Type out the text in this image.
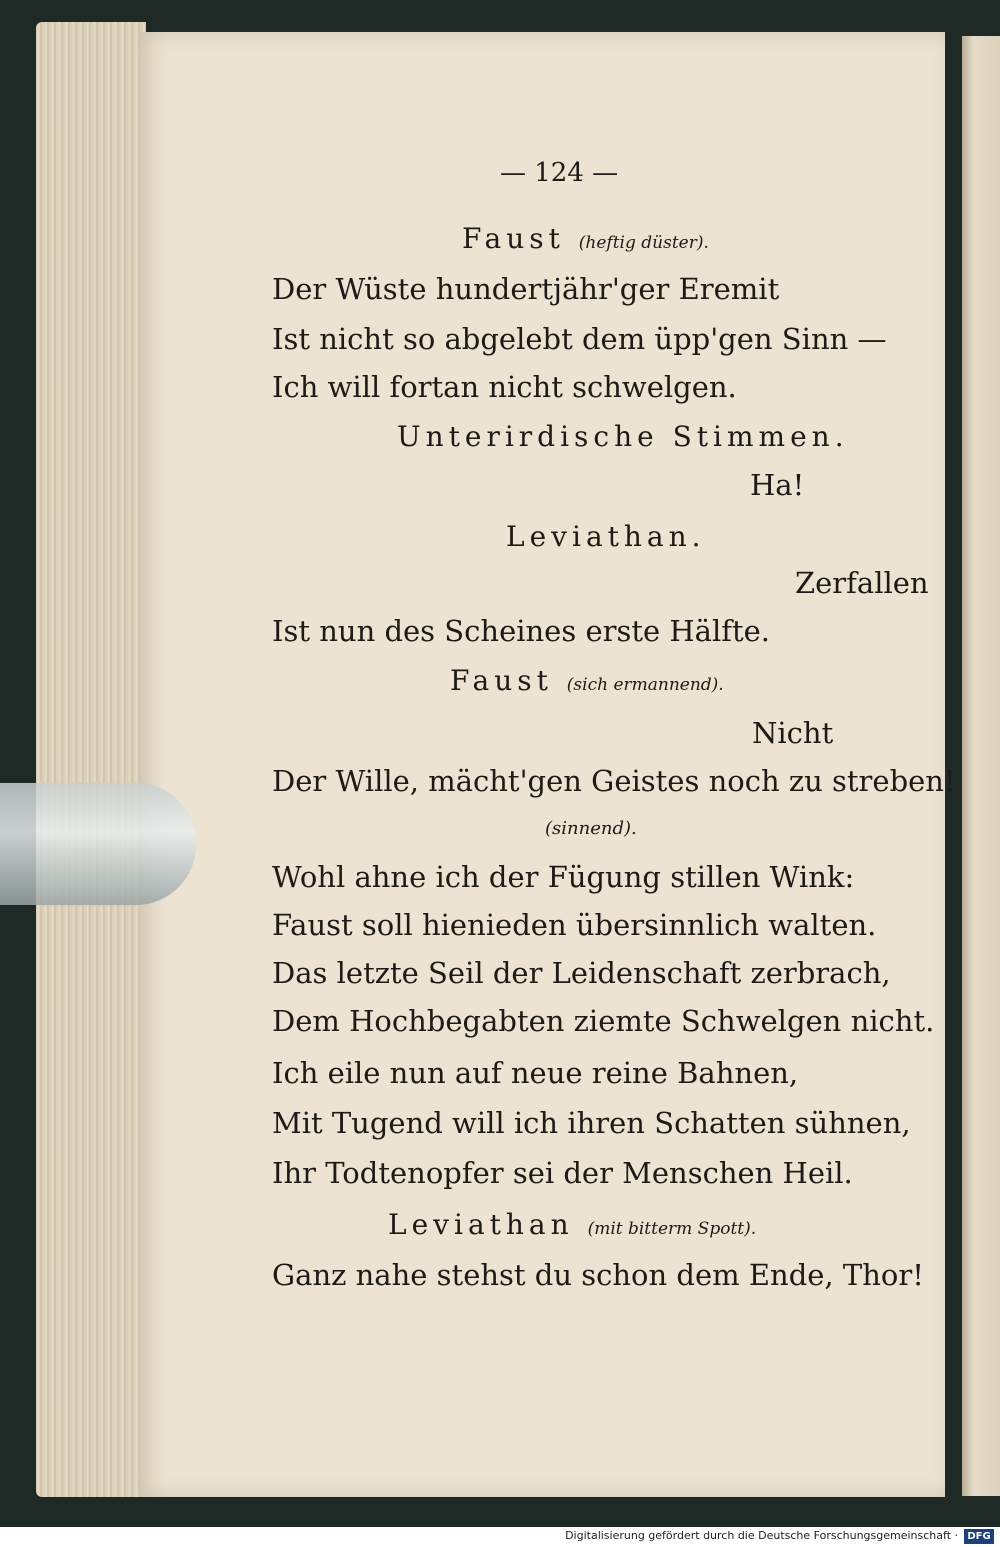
— 124 —
Faust (heftig düster).
Der Wüste hundertjähr'ger Eremit
Ist nicht so abgelebt dem üpp'gen Sinn —
Ich will fortan nicht schwelgen.
Unterirdische Stimmen.
Ha!
Leviathan.
Zerfallen
Ist nun des Scheines erste Hälfte.
Faust (sich ermannend).
Nicht
Der Wille, mächt'gen Geistes noch zu streben!
(sinnend).
Wohl ahne ich der Fügung stillen Wink:
Faust soll hienieden übersinnlich walten.
Das letzte Seil der Leidenschaft zerbrach,
Dem Hochbegabten ziemte Schwelgen nicht.
Ich eile nun auf neue reine Bahnen,
Mit Tugend will ich ihren Schatten sühnen,
Ihr Todtenopfer sei der Menschen Heil.
Leviathan (mit bitterm Spott).
Ganz nahe stehst du schon dem Ende, Thor!
Digitalisierung gefördert durch die Deutsche Forschungsgemeinschaft · DFG
